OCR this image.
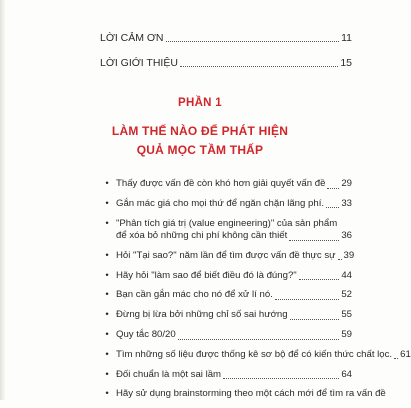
LỜI CẢM ƠN	11
LỜI GIỚI THIỆU	15
PHẦN 1
LÀM THẾ NÀO ĐỂ PHÁT HIỆN
QUẢ MỌC TẦM THẤP
• Thấy được vấn đề còn khó hơn giải quyết vấn đề 29
• Gắn mác giá cho mọi thứ để ngăn chặn lãng phí. 33
• "Phân tích giá trị (value engineering)" của sản phẩm
để xóa bỏ những chi phí không cần thiết	36
• Hỏi "Tại sao?" năm lần để tìm được vấn đề thực sự 39
• Hãy hỏi "làm sao để biết điều đó là đúng?"	44
• Bạn cần gắn mác cho nó để xử lí nó.	52
• Đừng bị lừa bởi những chỉ số sai hướng	55
• Quy tắc 80/20	59
• Tìm những số liệu được thống kê sơ bộ để có kiến thức chất lọc. 61
• Đối chuẩn là một sai lầm	64
• Hãy sử dụng brainstorming theo một cách mới để tìm ra vấn đề
